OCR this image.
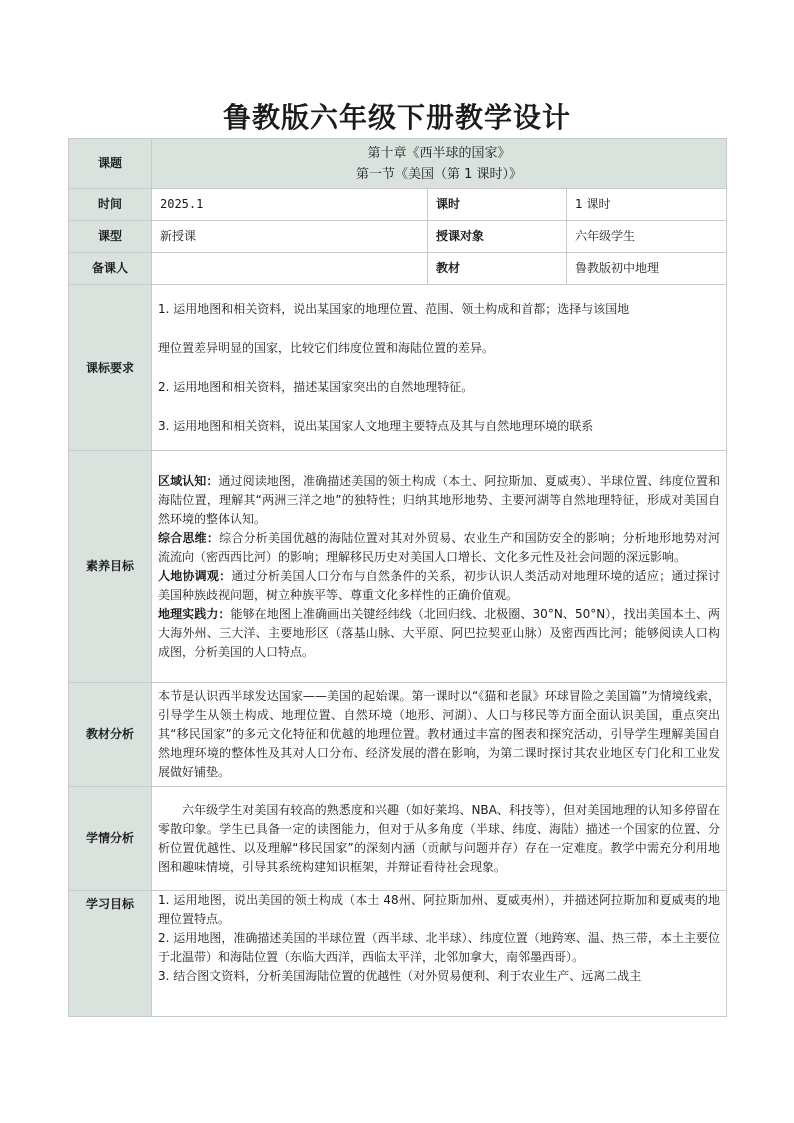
鲁教版六年级下册教学设计
课题	第十章《西半球的国家》
第一节《美国（第 1 课时）》		

时间	2025.1	课时	1 课时
课型	新授课	授课对象	六年级学生
备课人		教材	鲁教版初中地理
课标要求	1. 运用地图和相关资料，说出某国家的地理位置、范围、领土构成和首都；选择与该国地

理位置差异明显的国家，比较它们纬度位置和海陆位置的差异。

2. 运用地图和相关资料，描述某国家突出的自然地理特征。

3. 运用地图和相关资料，说出某国家人文地理主要特点及其与自然地理环境的联系		

素养目标	区域认知：通过阅读地图，准确描述美国的领土构成（本土、阿拉斯加、夏威夷）、半球位置、纬度位置和海陆位置，理解其“两洲三洋之地”的独特性；归纳其地形地势、主要河湖等自然地理特征，形成对美国自然环境的整体认知。

综合思维：综合分析美国优越的海陆位置对其对外贸易、农业生产和国防安全的影响；分析地形地势对河流流向（密西西比河）的影响；理解移民历史对美国人口增长、文化多元性及社会问题的深远影响。

人地协调观：通过分析美国人口分布与自然条件的关系，初步认识人类活动对地理环境的适应；通过探讨美国种族歧视问题，树立种族平等、尊重文化多样性的正确价值观。

地理实践力：能够在地图上准确画出关键经纬线（北回归线、北极圈、30°N、50°N），找出美国本土、两大海外州、三大洋、主要地形区（落基山脉、大平原、阿巴拉契亚山脉）及密西西比河；能够阅读人口构成图，分析美国的人口特点。		

教材分析	本节是认识西半球发达国家——美国的起始课。第一课时以“《猫和老鼠》环球冒险之美国篇”为情境线索，引导学生从领土构成、地理位置、自然环境（地形、河湖）、人口与移民等方面全面认识美国，重点突出其“移民国家”的多元文化特征和优越的地理位置。教材通过丰富的图表和探究活动，引导学生理解美国自然地理环境的整体性及其对人口分布、经济发展的潜在影响，为第二课时探讨其农业地区专门化和工业发展做好铺垫。		

学情分析	六年级学生对美国有较高的熟悉度和兴趣（如好莱坞、NBA、科技等），但对美国地理的认知多停留在零散印象。学生已具备一定的读图能力，但对于从多角度（半球、纬度、海陆）描述一个国家的位置、分析位置优越性、以及理解“移民国家”的深刻内涵（贡献与问题并存）存在一定难度。教学中需充分利用地图和趣味情境，引导其系统构建知识框架，并辩证看待社会现象。		

学习目标	1. 运用地图，说出美国的领土构成（本土 48州、阿拉斯加州、夏威夷州），并描述阿拉斯加和夏威夷的地理位置特点。

2. 运用地图，准确描述美国的半球位置（西半球、北半球）、纬度位置（地跨寒、温、热三带，本土主要位于北温带）和海陆位置（东临大西洋，西临太平洋，北邻加拿大，南邻墨西哥）。

3. 结合图文资料，分析美国海陆位置的优越性（对外贸易便利、利于农业生产、远离二战主		
